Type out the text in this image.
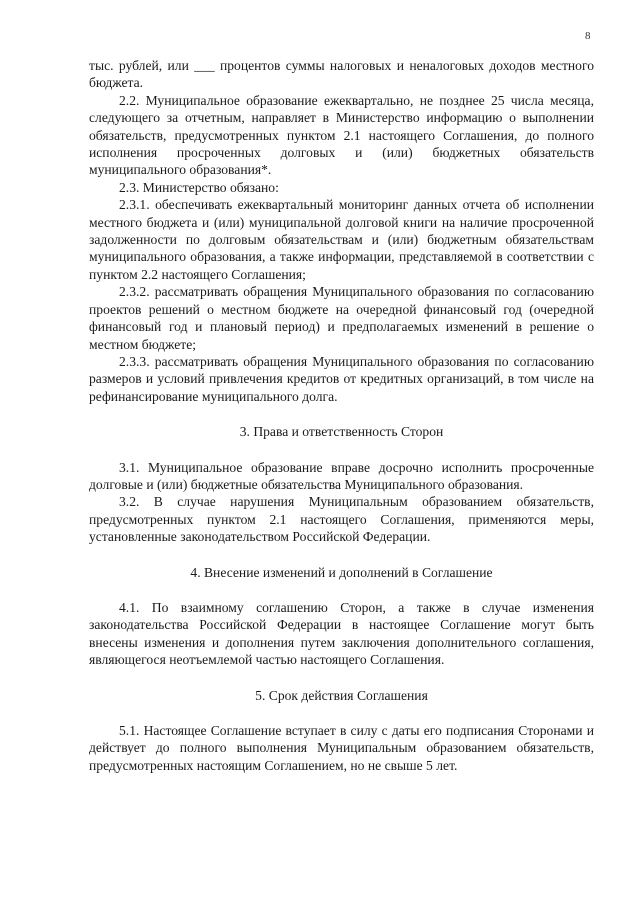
8

тыс. рублей, или ___ процентов суммы налоговых и неналоговых доходов местного бюджета.

2.2. Муниципальное образование ежеквартально, не позднее 25 числа месяца, следующего за отчетным, направляет в Министерство информацию о выполнении обязательств, предусмотренных пунктом 2.1 настоящего Соглашения, до полного исполнения просроченных долговых и (или) бюджетных обязательств муниципального образования*.

2.3. Министерство обязано:

2.3.1. обеспечивать ежеквартальный мониторинг данных отчета об исполнении местного бюджета и (или) муниципальной долговой книги на наличие просроченной задолженности по долговым обязательствам и (или) бюджетным обязательствам муниципального образования, а также информации, представляемой в соответствии с пунктом 2.2 настоящего Соглашения;

2.3.2. рассматривать обращения Муниципального образования по согласованию проектов решений о местном бюджете на очередной финансовый год (очередной финансовый год и плановый период) и предполагаемых изменений в решение о местном бюджете;

2.3.3. рассматривать обращения Муниципального образования по согласованию размеров и условий привлечения кредитов от кредитных организаций, в том числе на рефинансирование муниципального долга.

3. Права и ответственность Сторон

3.1. Муниципальное образование вправе досрочно исполнить просроченные долговые и (или) бюджетные обязательства Муниципального образования.

3.2. В случае нарушения Муниципальным образованием обязательств, предусмотренных пунктом 2.1 настоящего Соглашения, применяются меры, установленные законодательством Российской Федерации.

4. Внесение изменений и дополнений в Соглашение

4.1. По взаимному соглашению Сторон, а также в случае изменения законодательства Российской Федерации в настоящее Соглашение могут быть внесены изменения и дополнения путем заключения дополнительного соглашения, являющегося неотъемлемой частью настоящего Соглашения.

5. Срок действия Соглашения

5.1. Настоящее Соглашение вступает в силу с даты его подписания Сторонами и действует до полного выполнения Муниципальным образованием обязательств, предусмотренных настоящим Соглашением, но не свыше 5 лет.
